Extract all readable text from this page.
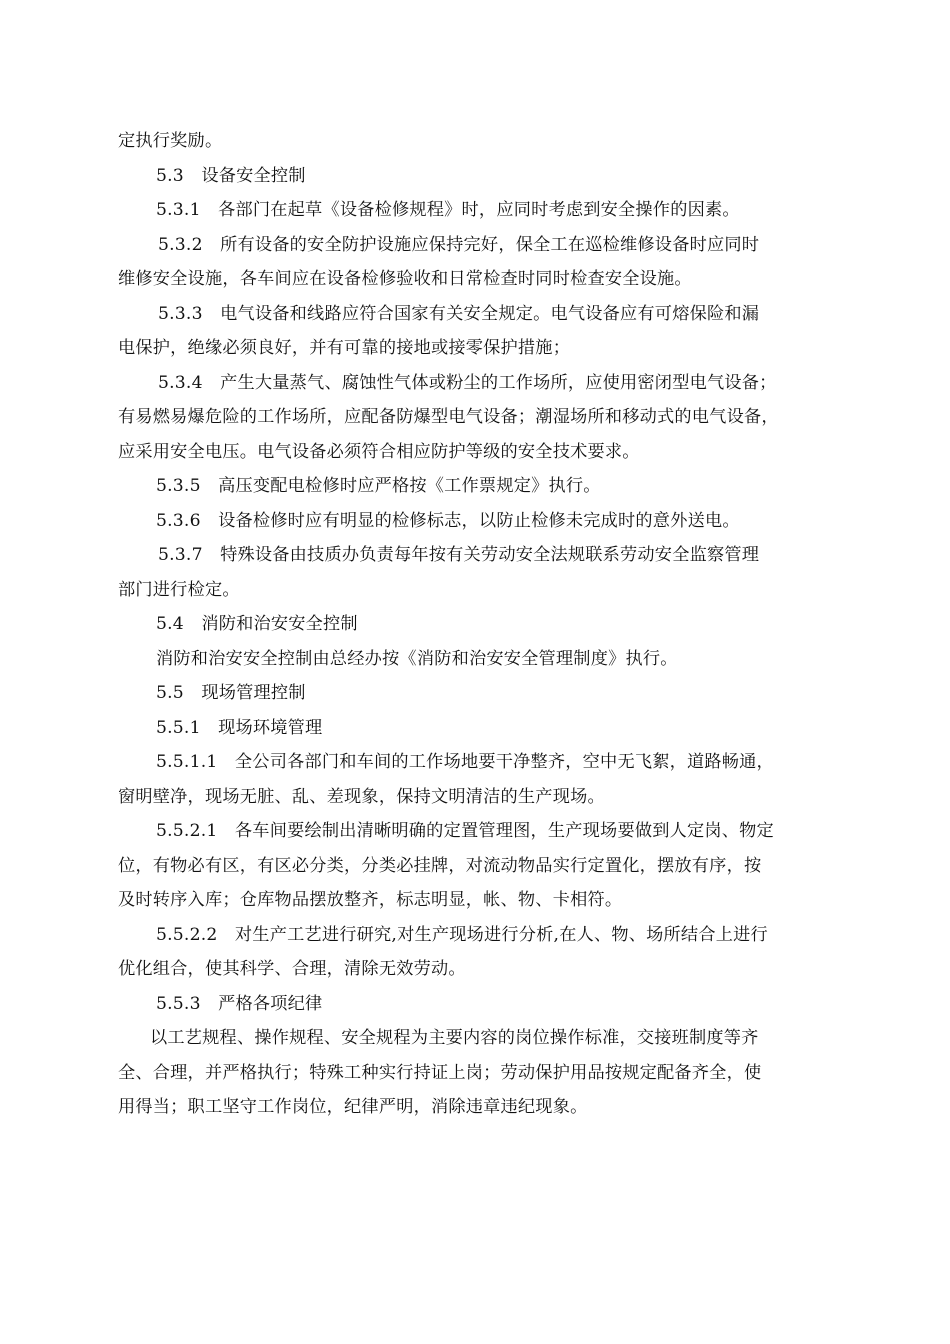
定执行奖励。
5.3　设备安全控制
5.3.1　各部门在起草《设备检修规程》时，应同时考虑到安全操作的因素。
5.3.2　所有设备的安全防护设施应保持完好，保全工在巡检维修设备时应同时
维修安全设施，各车间应在设备检修验收和日常检查时同时检查安全设施。
5.3.3　电气设备和线路应符合国家有关安全规定。电气设备应有可熔保险和漏
电保护，绝缘必须良好，并有可靠的接地或接零保护措施；
5.3.4　产生大量蒸气、腐蚀性气体或粉尘的工作场所，应使用密闭型电气设备；
有易燃易爆危险的工作场所，应配备防爆型电气设备；潮湿场所和移动式的电气设备，
应采用安全电压。电气设备必须符合相应防护等级的安全技术要求。
5.3.5　高压变配电检修时应严格按《工作票规定》执行。
5.3.6　设备检修时应有明显的检修标志，以防止检修未完成时的意外送电。
5.3.7　特殊设备由技质办负责每年按有关劳动安全法规联系劳动安全监察管理
部门进行检定。
5.4　消防和治安安全控制
消防和治安安全控制由总经办按《消防和治安安全管理制度》执行。
5.5　现场管理控制
5.5.1　现场环境管理
5.5.1.1　全公司各部门和车间的工作场地要干净整齐，空中无飞絮，道路畅通，
窗明壁净，现场无脏、乱、差现象，保持文明清洁的生产现场。
5.5.2.1　各车间要绘制出清晰明确的定置管理图，生产现场要做到人定岗、物定
位，有物必有区，有区必分类，分类必挂牌，对流动物品实行定置化，摆放有序，按
及时转序入库；仓库物品摆放整齐，标志明显，帐、物、卡相符。
5.5.2.2　对生产工艺进行研究,对生产现场进行分析,在人、物、场所结合上进行
优化组合，使其科学、合理，清除无效劳动。
5.5.3　严格各项纪律
以工艺规程、操作规程、安全规程为主要内容的岗位操作标准，交接班制度等齐
全、合理，并严格执行；特殊工种实行持证上岗；劳动保护用品按规定配备齐全，使
用得当；职工坚守工作岗位，纪律严明，消除违章违纪现象。
